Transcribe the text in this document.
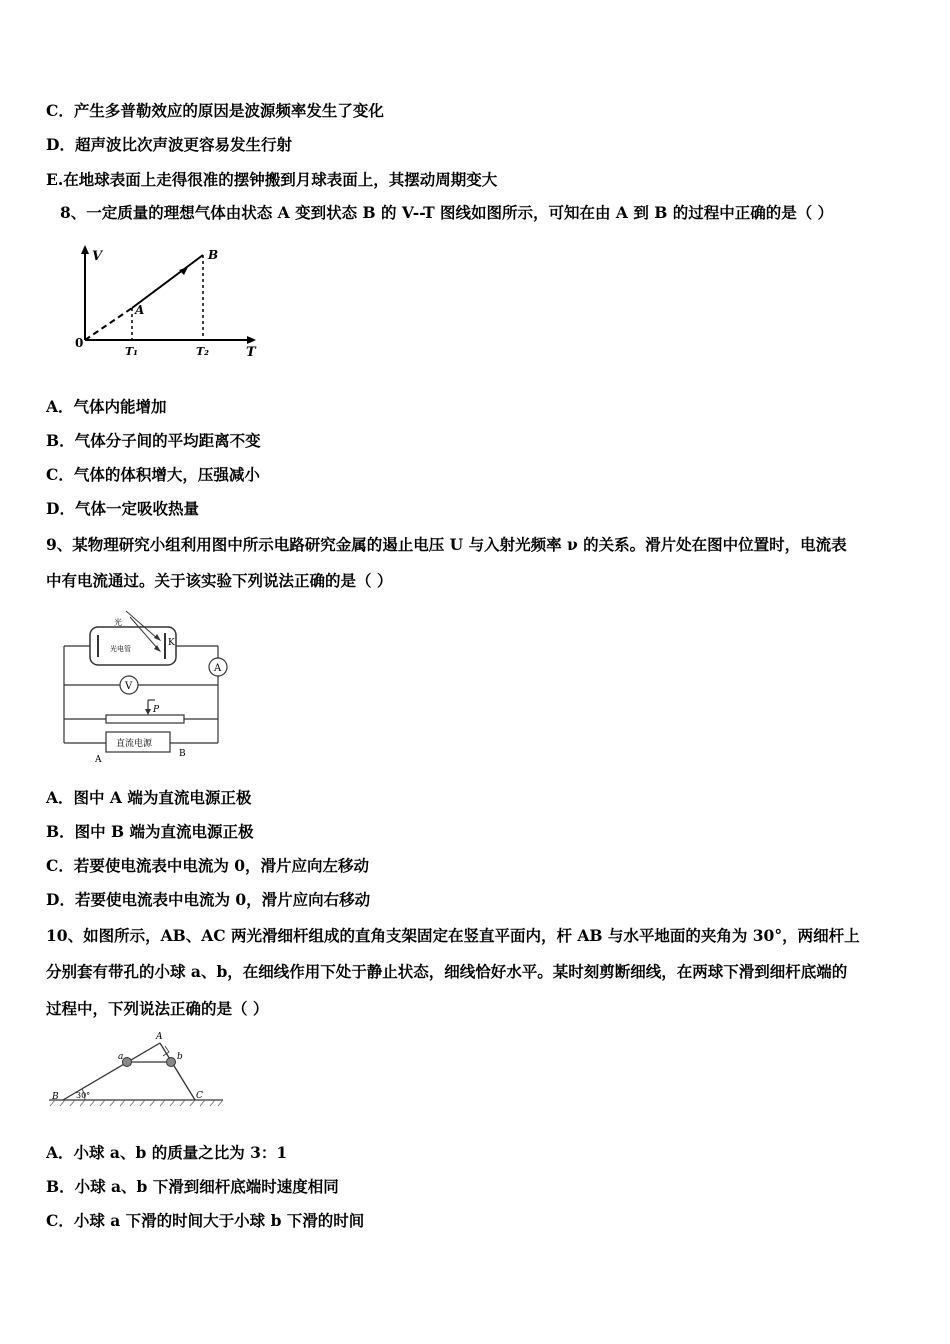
C．产生多普勒效应的原因是波源频率发生了变化
D．超声波比次声波更容易发生行射
E.在地球表面上走得很准的摆钟搬到月球表面上，其摆动周期变大
8、一定质量的理想气体由状态 A 变到状态 B 的 V--T 图线如图所示，可知在由 A 到 B 的过程中正确的是（ ）
V
T
0
T₁	T₂
A
B
A．气体内能增加
B．气体分子间的平均距离不变
C．气体的体积增大，压强减小
D．气体一定吸收热量
9、某物理研究小组利用图中所示电路研究金属的遏止电压 U 与入射光频率 ν 的关系。滑片处在图中位置时，电流表
中有电流通过。关于该实验下列说法正确的是（ ）
光
光电管
K
A
V
P
直流电源
A
B
A．图中 A 端为直流电源正极
B．图中 B 端为直流电源正极
C．若要使电流表中电流为 0，滑片应向左移动
D．若要使电流表中电流为 0，滑片应向右移动
10、如图所示，AB、AC 两光滑细杆组成的直角支架固定在竖直平面内，杆 AB 与水平地面的夹角为 30°，两细杆上
分别套有带孔的小球 a、b，在细线作用下处于静止状态，细线恰好水平。某时刻剪断细线，在两球下滑到细杆底端的
过程中，下列说法正确的是（ ）
A
B	C
a	b
30°
A．小球 a、b 的质量之比为 3：1
B．小球 a、b 下滑到细杆底端时速度相同
C．小球 a 下滑的时间大于小球 b 下滑的时间
